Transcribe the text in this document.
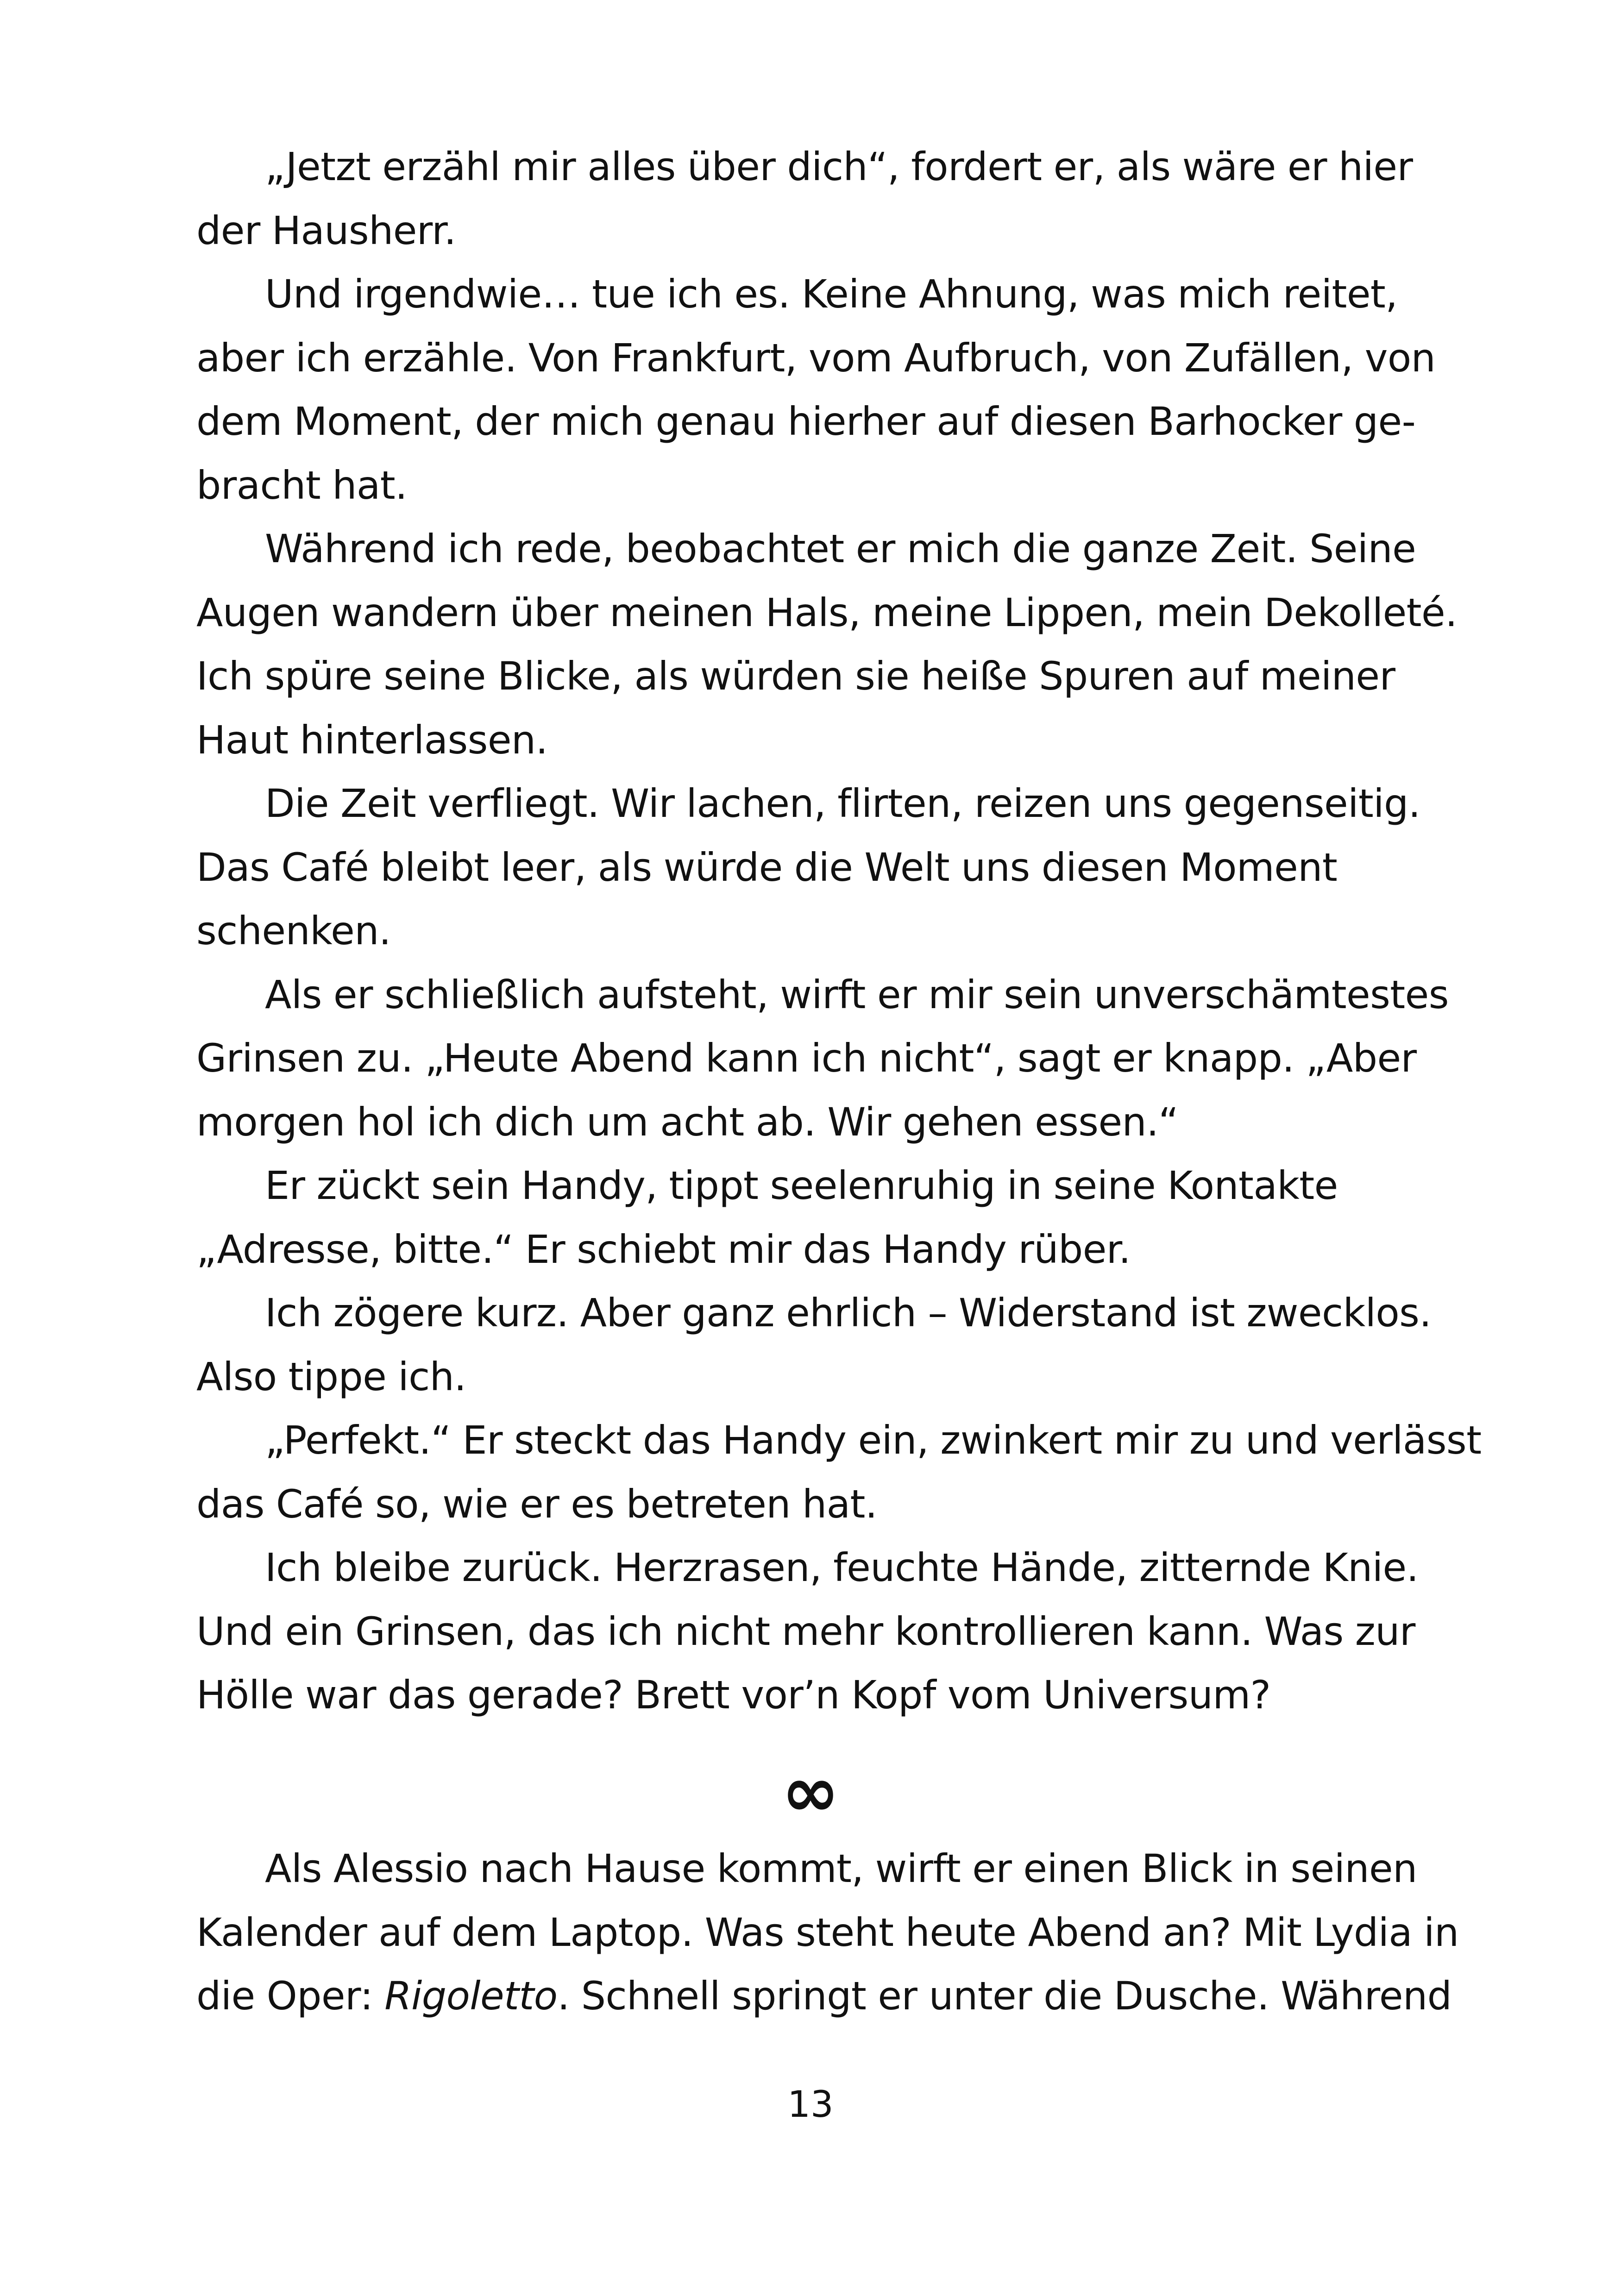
„Jetzt erzähl mir alles über dich“, fordert er, als wäre er hier
der Hausherr.

Und irgendwie… tue ich es. Keine Ahnung, was mich reitet,
aber ich erzähle. Von Frankfurt, vom Aufbruch, von Zufällen, von
dem Moment, der mich genau hierher auf diesen Barhocker ge-
bracht hat.

Während ich rede, beobachtet er mich die ganze Zeit. Seine
Augen wandern über meinen Hals, meine Lippen, mein Dekolleté.
Ich spüre seine Blicke, als würden sie heiße Spuren auf meiner
Haut hinterlassen.

Die Zeit verfliegt. Wir lachen, flirten, reizen uns gegenseitig.
Das Café bleibt leer, als würde die Welt uns diesen Moment
schenken.

Als er schließlich aufsteht, wirft er mir sein unverschämtestes
Grinsen zu. „Heute Abend kann ich nicht“, sagt er knapp. „Aber
morgen hol ich dich um acht ab. Wir gehen essen.“

Er zückt sein Handy, tippt seelenruhig in seine Kontakte
„Adresse, bitte.“ Er schiebt mir das Handy rüber.

Ich zögere kurz. Aber ganz ehrlich – Widerstand ist zwecklos.
Also tippe ich.

„Perfekt.“ Er steckt das Handy ein, zwinkert mir zu und verlässt
das Café so, wie er es betreten hat.

Ich bleibe zurück. Herzrasen, feuchte Hände, zitternde Knie.
Und ein Grinsen, das ich nicht mehr kontrollieren kann. Was zur
Hölle war das gerade? Brett vor’n Kopf vom Universum?

∞

Als Alessio nach Hause kommt, wirft er einen Blick in seinen
Kalender auf dem Laptop. Was steht heute Abend an? Mit Lydia in
die Oper: Rigoletto. Schnell springt er unter die Dusche. Während

13
